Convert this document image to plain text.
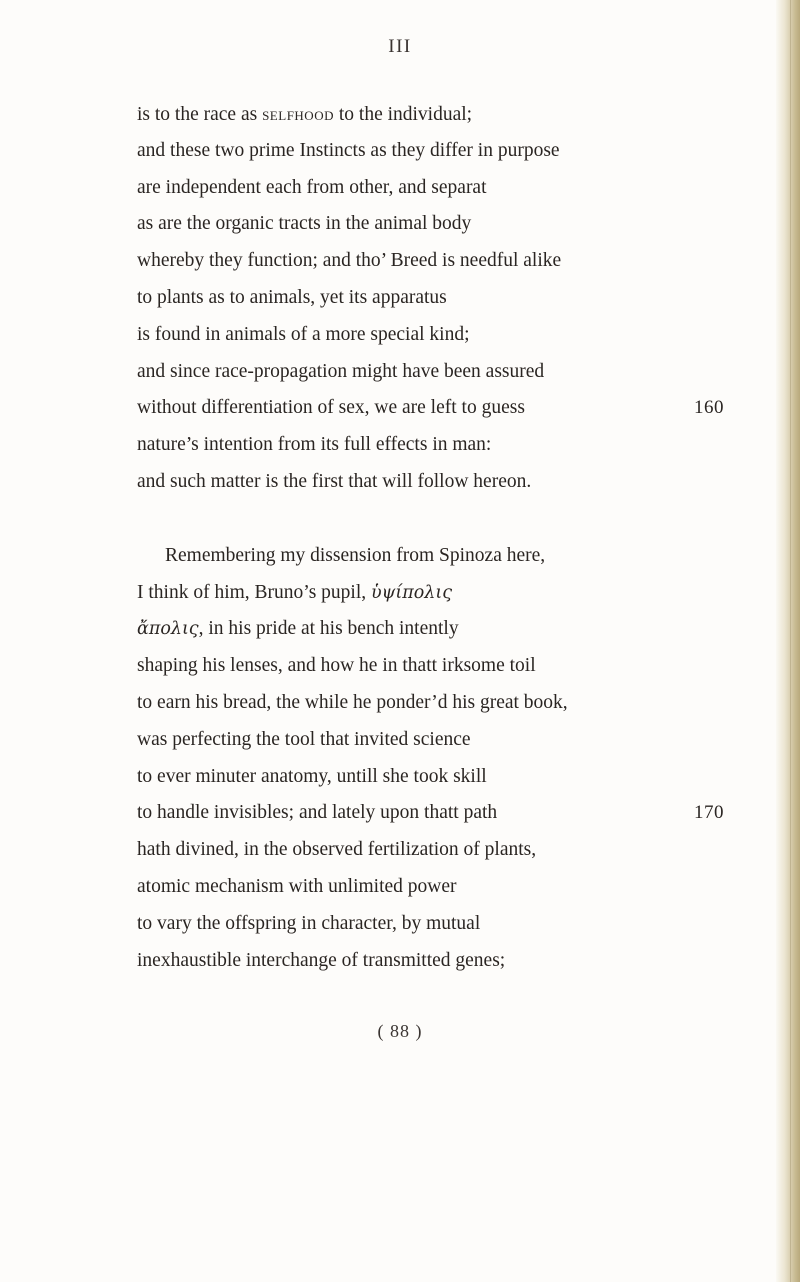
III
is to the race as selfhood to the individual;
and these two prime Instincts as they differ in purpose
are independent each from other, and separat
as are the organic tracts in the animal body
whereby they function; and tho’ Breed is needful alike
to plants as to animals, yet its apparatus
is found in animals of a more special kind;
and since race-propagation might have been assured
without differentiation of sex, we are left to guess	160
nature’s intention from its full effects in man:
and such matter is the first that will follow hereon.
Remembering my dissension from Spinoza here,
I think of him, Bruno’s pupil, ὑψίπολις
ἄπολις, in his pride at his bench intently
shaping his lenses, and how he in thatt irksome toil
to earn his bread, the while he ponder’d his great book,
was perfecting the tool that invited science
to ever minuter anatomy, untill she took skill
to handle invisibles; and lately upon thatt path	170
hath divined, in the observed fertilization of plants,
atomic mechanism with unlimited power
to vary the offspring in character, by mutual
inexhaustible interchange of transmitted genes;
( 88 )
